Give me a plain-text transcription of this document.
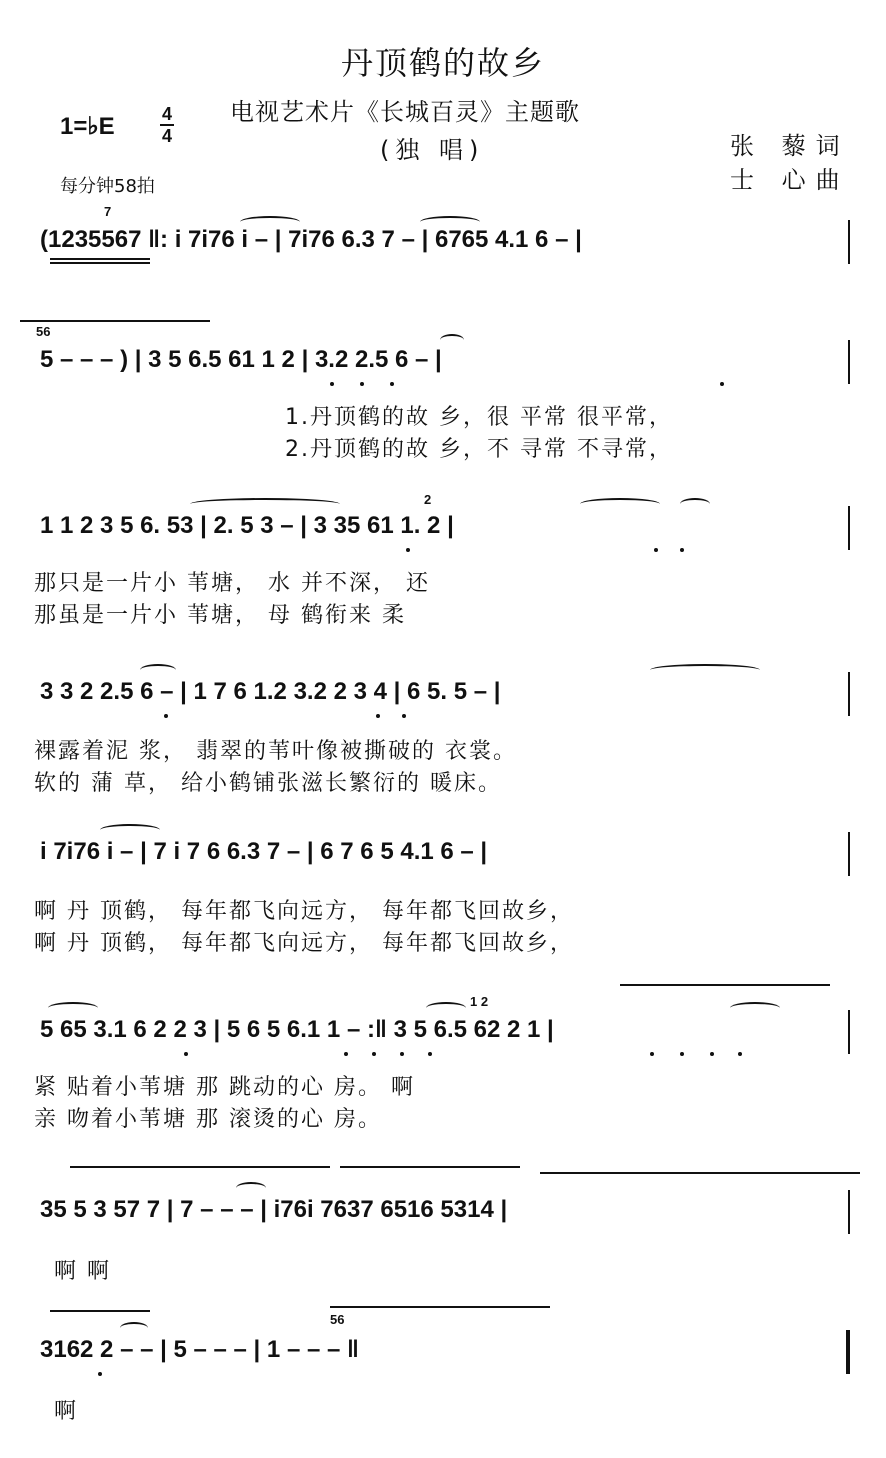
丹顶鹤的故乡
电视艺术片《长城百灵》主题歌
(独 唱)
1=♭E	4
4
每分钟58拍
张 藜词
士 心曲
7
(1235567 ‖: i 7i76 i – | 7i76 6.3 7 – | 6765 4.1 6 – |
56
5 – – – ) | 3 5 6.5 61 1 2 | 3.2 2.5 6 – |
1.丹顶鹤的故 乡，很 平常 很平常，
2.丹顶鹤的故 乡，不 寻常 不寻常，
2
1 1 2 3 5 6. 53 | 2. 5 3 – | 3 35 61 1. 2 |
那只是一片小 苇塘， 水 并不深， 还
那虽是一片小 苇塘， 母 鹤衔来 柔
3 3 2 2.5 6 – | 1 7 6 1.2 3.2 2 3 4 | 6 5. 5 – |
裸露着泥 浆， 翡翠的苇叶像被撕破的 衣裳。
软的 蒲 草， 给小鹤铺张滋长繁衍的 暖床。
i 7i76 i – | 7 i 7 6 6.3 7 – | 6 7 6 5 4.1 6 – |
啊 丹 顶鹤， 每年都飞向远方， 每年都飞回故乡，
啊 丹 顶鹤， 每年都飞向远方， 每年都飞回故乡，
1 2
5 65 3.1 6 2 2 3 | 5 6 5 6.1 1 – :‖ 3 5 6.5 62 2 1 |
紧 贴着小苇塘 那 跳动的心 房。 啊
亲 吻着小苇塘 那 滚烫的心 房。
35 5 3 57 7 | 7 – – – | i76i 7637 6516 5314 |
啊 啊
56
3162 2 – – | 5 – – – | 1 – – – ‖
啊
